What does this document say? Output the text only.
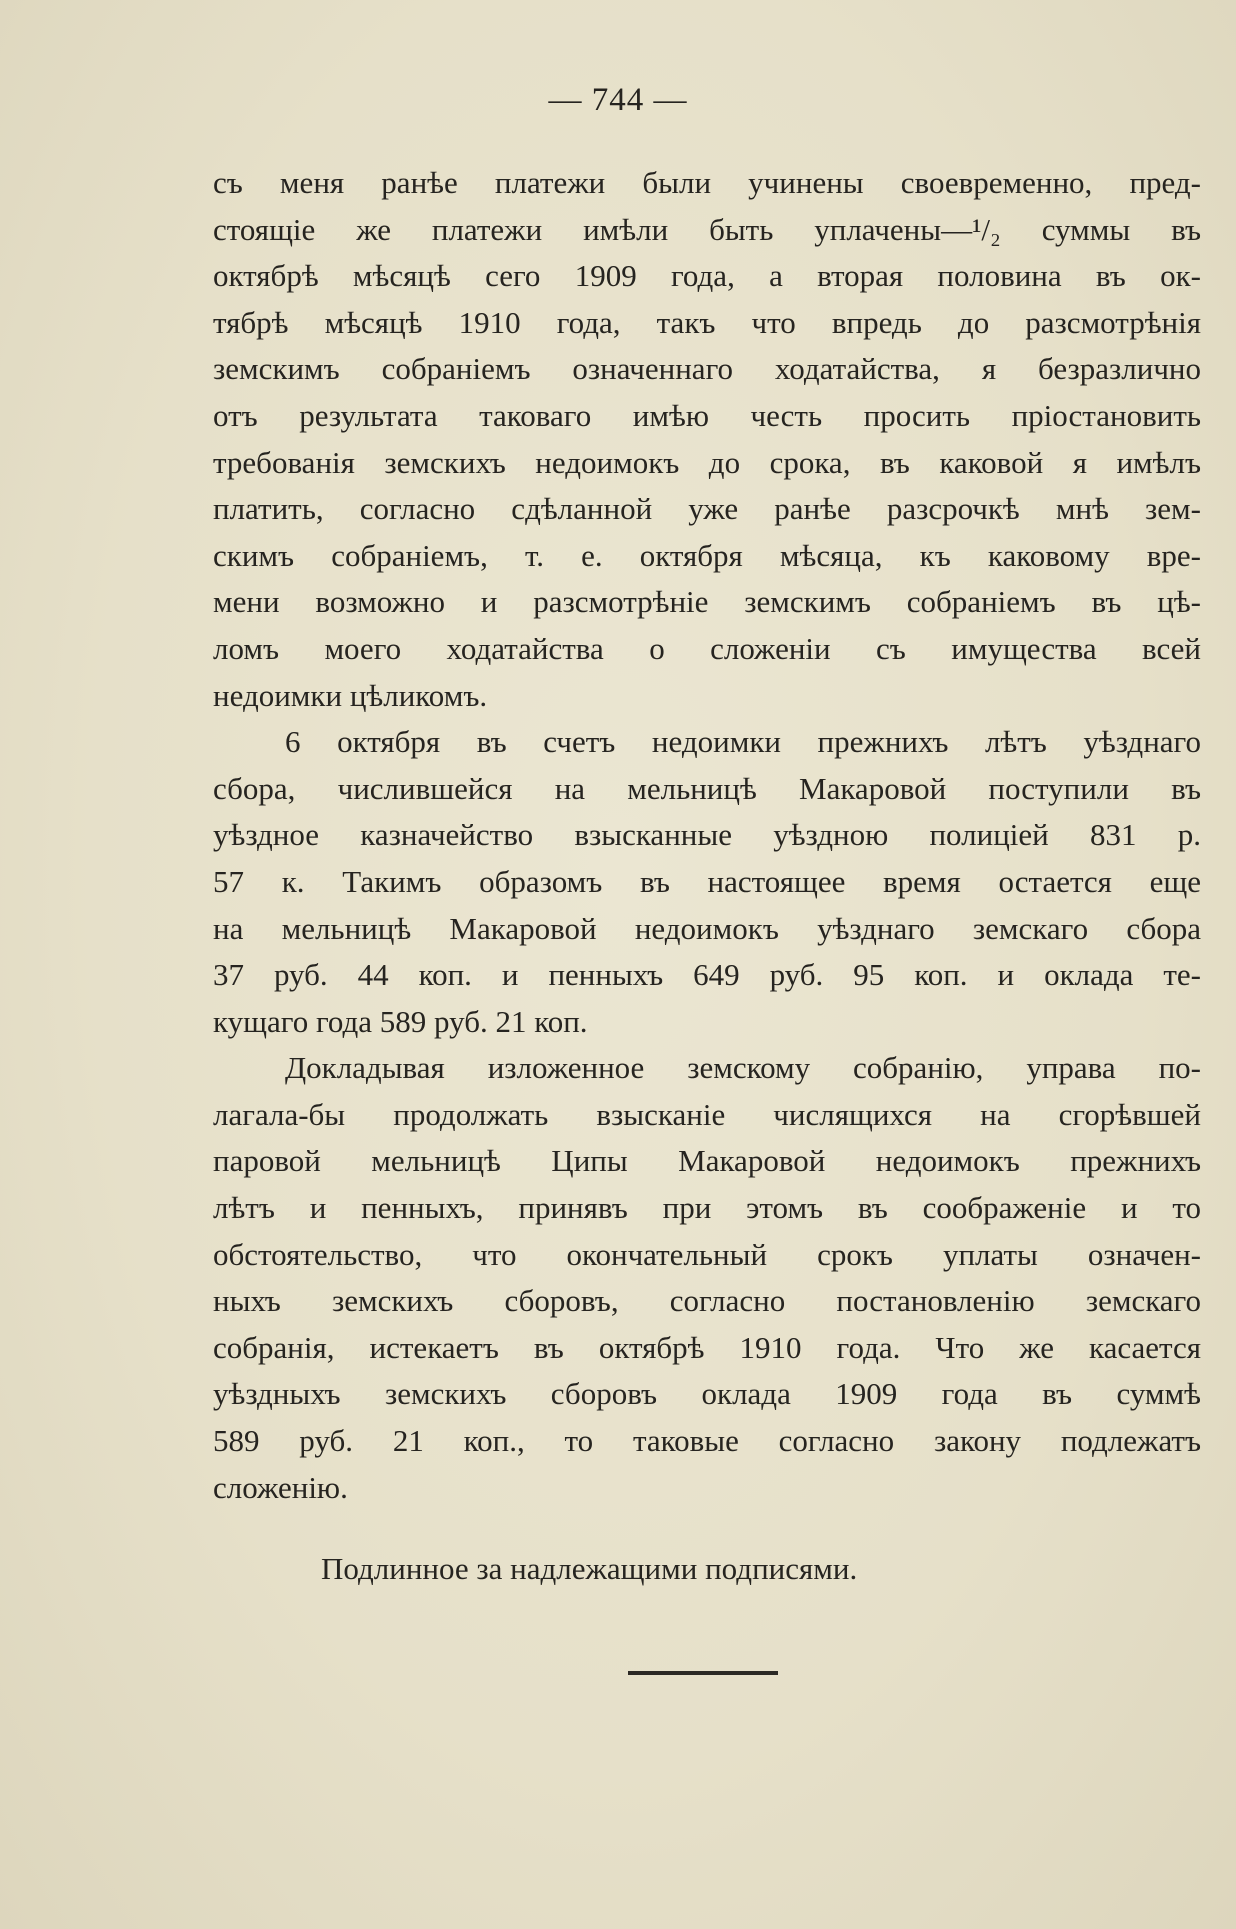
— 744 —
съ меня ранѣе платежи были учинены своевременно, пред-
стоящіе же платежи имѣли быть уплачены—¹/₂ суммы въ
октябрѣ мѣсяцѣ сего 1909 года, а вторая половина въ ок-
тябрѣ мѣсяцѣ 1910 года, такъ что впредь до разсмотрѣнія
земскимъ собраніемъ означеннаго ходатайства, я безразлично
отъ результата таковаго имѣю честь просить пріостановить
требованія земскихъ недоимокъ до срока, въ каковой я имѣлъ
платить, согласно сдѣланной уже ранѣе разсрочкѣ мнѣ зем-
скимъ собраніемъ, т. е. октября мѣсяца, къ каковому вре-
мени возможно и разсмотрѣніе земскимъ собраніемъ въ цѣ-
ломъ моего ходатайства о сложеніи съ имущества всей
недоимки цѣликомъ.
6 октября въ счетъ недоимки прежнихъ лѣтъ уѣзднаго
сбора, числившейся на мельницѣ Макаровой поступили въ
уѣздное казначейство взысканные уѣздною полиціей 831 р.
57 к. Такимъ образомъ въ настоящее время остается еще
на мельницѣ Макаровой недоимокъ уѣзднаго земскаго сбора
37 руб. 44 коп. и пенныхъ 649 руб. 95 коп. и оклада те-
кущаго года 589 руб. 21 коп.
Докладывая изложенное земскому собранію, управа по-
лагала-бы продолжать взысканіе числящихся на сгорѣвшей
паровой мельницѣ Ципы Макаровой недоимокъ прежнихъ
лѣтъ и пенныхъ, принявъ при этомъ въ соображеніе и то
обстоятельство, что окончательный срокъ уплаты означен-
ныхъ земскихъ сборовъ, согласно постановленію земскаго
собранія, истекаетъ въ октябрѣ 1910 года. Что же касается
уѣздныхъ земскихъ сборовъ оклада 1909 года въ суммѣ
589 руб. 21 коп., то таковые согласно закону подлежатъ
сложенію.
Подлинное за надлежащими подписями.
